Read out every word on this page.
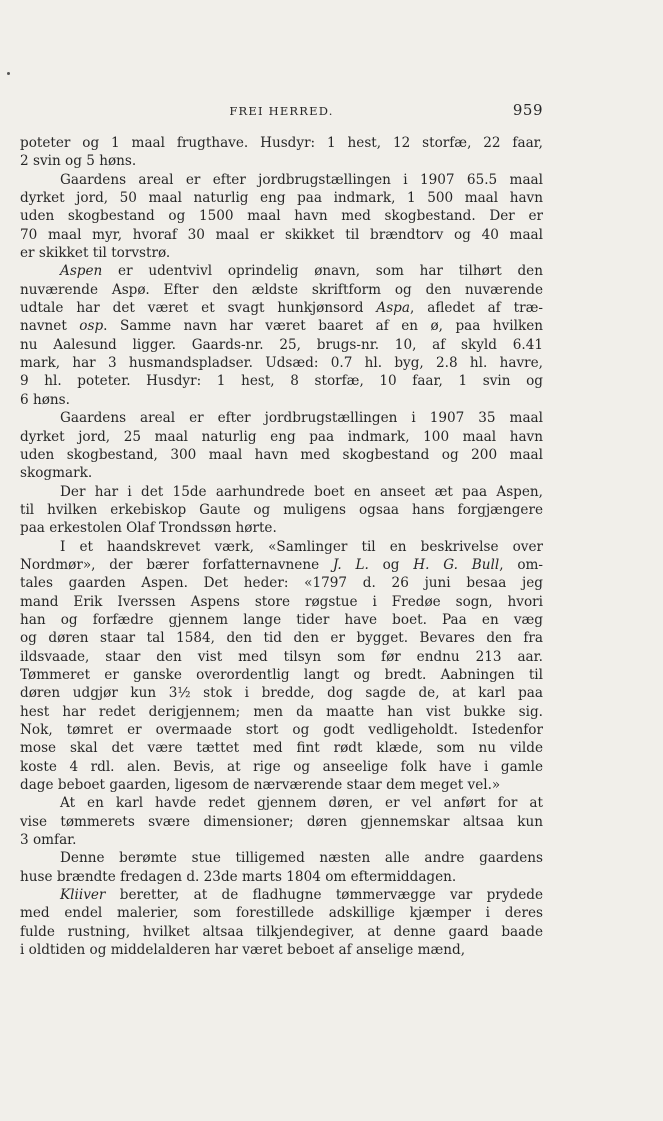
FREI HERRED.	959
poteter og 1 maal frugthave. Husdyr: 1 hest, 12 storfæ, 22 faar,
2 svin og 5 høns.
Gaardens areal er efter jordbrugstællingen i 1907 65.5 maal
dyrket jord, 50 maal naturlig eng paa indmark, 1 500 maal havn
uden skogbestand og 1500 maal havn med skogbestand. Der er
70 maal myr, hvoraf 30 maal er skikket til brændtorv og 40 maal
er skikket til torvstrø.
Aspen er udentvivl oprindelig ønavn, som har tilhørt den
nuværende Aspø. Efter den ældste skriftform og den nuværende
udtale har det været et svagt hunkjønsord Aspa, afledet af træ-
navnet osp. Samme navn har været baaret af en ø, paa hvilken
nu Aalesund ligger. Gaards-nr. 25, brugs-nr. 10, af skyld 6.41
mark, har 3 husmandspladser. Udsæd: 0.7 hl. byg, 2.8 hl. havre,
9 hl. poteter. Husdyr: 1 hest, 8 storfæ, 10 faar, 1 svin og
6 høns.
Gaardens areal er efter jordbrugstællingen i 1907 35 maal
dyrket jord, 25 maal naturlig eng paa indmark, 100 maal havn
uden skogbestand, 300 maal havn med skogbestand og 200 maal
skogmark.
Der har i det 15de aarhundrede boet en anseet æt paa Aspen,
til hvilken erkebiskop Gaute og muligens ogsaa hans forgjængere
paa erkestolen Olaf Trondssøn hørte.
I et haandskrevet værk, «Samlinger til en beskrivelse over
Nordmør», der bærer forfatternavnene J. L. og H. G. Bull, om-
tales gaarden Aspen. Det heder: «1797 d. 26 juni besaa jeg
mand Erik Iverssen Aspens store røgstue i Fredøe sogn, hvori
han og forfædre gjennem lange tider have boet. Paa en væg
og døren staar tal 1584, den tid den er bygget. Bevares den fra
ildsvaade, staar den vist med tilsyn som før endnu 213 aar.
Tømmeret er ganske overordentlig langt og bredt. Aabningen til
døren udgjør kun 3½ stok i bredde, dog sagde de, at karl paa
hest har redet derigjennem; men da maatte han vist bukke sig.
Nok, tømret er overmaade stort og godt vedligeholdt. Istedenfor
mose skal det være tættet med fint rødt klæde, som nu vilde
koste 4 rdl. alen. Bevis, at rige og anseelige folk have i gamle
dage beboet gaarden, ligesom de nærværende staar dem meget vel.»
At en karl havde redet gjennem døren, er vel anført for at
vise tømmerets svære dimensioner; døren gjennemskar altsaa kun
3 omfar.
Denne berømte stue tilligemed næsten alle andre gaardens
huse brændte fredagen d. 23de marts 1804 om eftermiddagen.
Kliiver beretter, at de fladhugne tømmervægge var prydede
med endel malerier, som forestillede adskillige kjæmper i deres
fulde rustning, hvilket altsaa tilkjendegiver, at denne gaard baade
i oldtiden og middelalderen har været beboet af anselige mænd,
